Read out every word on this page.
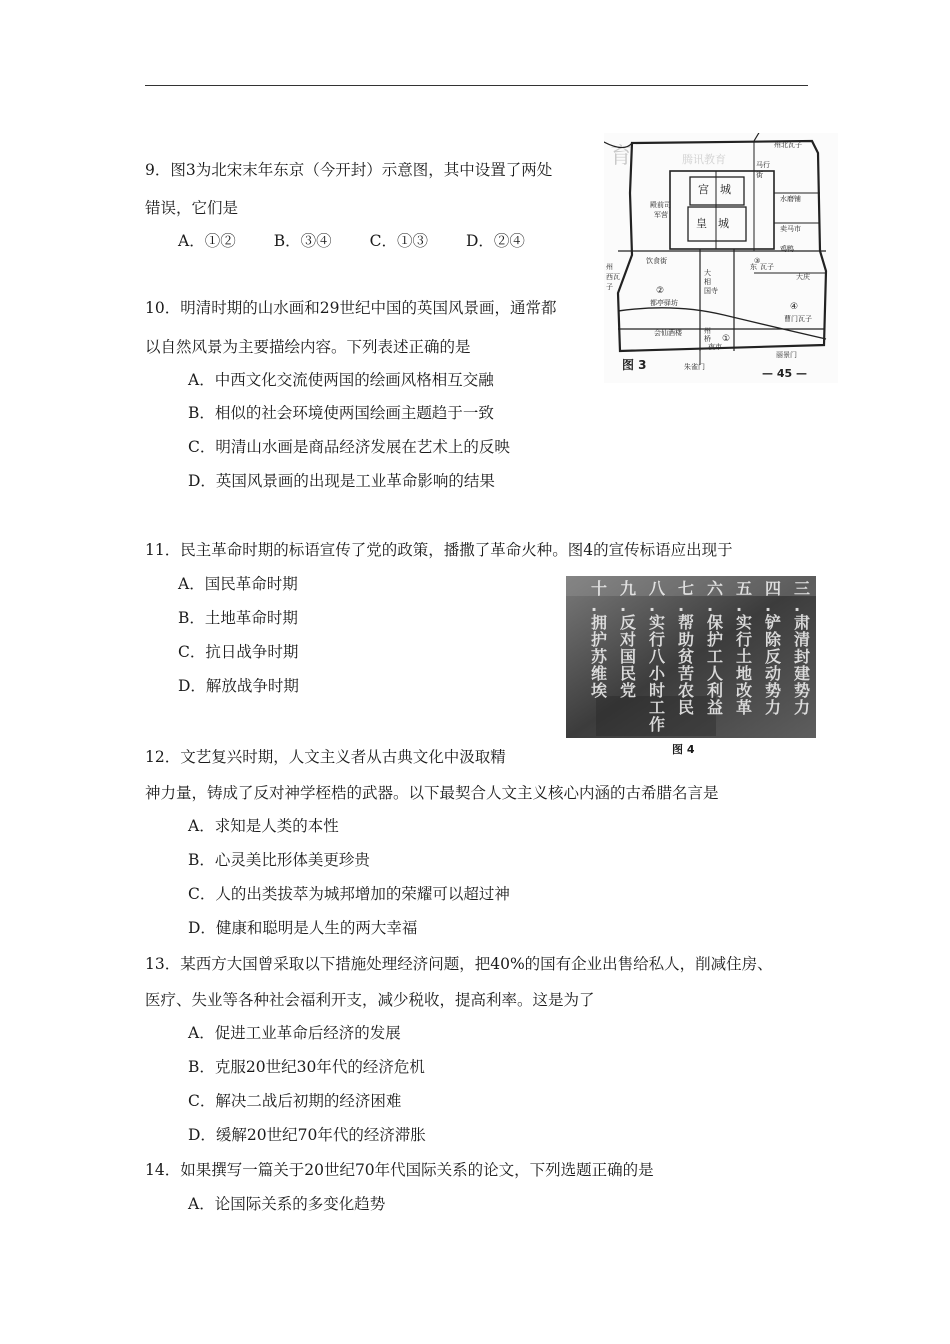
9．图3为北宋末年东京（今开封）示意图，其中设置了两处
错误，它们是
A．①② B．③④ C．①③ D．②④
育	腾讯教育
宫　城
皇　城
殿前司
军营
州北瓦子
马行
街
水磨铺
卖马市
饮食街	③
东 瓦子
大庆
鸡鸭
大
相
国寺
州
西瓦
子	②
都亭驿坊	④
曹门瓦子
会仙酒楼	州
桥
夜市
①
丽景门
朱雀门
图 3
— 45 —
10．明清时期的山水画和29世纪中国的英国风景画，通常都
以自然风景为主要描绘内容。下列表述正确的是
A．中西文化交流使两国的绘画风格相互交融
B．相似的社会环境使两国绘画主题趋于一致
C．明清山水画是商品经济发展在艺术上的反映
D．英国风景画的出现是工业革命影响的结果
11．民主革命时期的标语宣传了党的政策，播撒了革命火种。图4的宣传标语应出现于
A．国民革命时期
B．土地革命时期
C．抗日战争时期
D．解放战争时期
三.肃清封建势力
四.铲除反动势力
五.实行土地改革
六.保护工人利益
七.帮助贫苦农民
八.实行八小时工作
九.反对国民党
十.拥护苏维埃
图 4
12．文艺复兴时期，人文主义者从古典文化中汲取精
神力量，铸成了反对神学桎梏的武器。以下最契合人文主义核心内涵的古希腊名言是
A．求知是人类的本性
B．心灵美比形体美更珍贵
C．人的出类拔萃为城邦增加的荣耀可以超过神
D．健康和聪明是人生的两大幸福
13．某西方大国曾采取以下措施处理经济问题，把40%的国有企业出售给私人，削减住房、
医疗、失业等各种社会福利开支，减少税收，提高利率。这是为了
A．促进工业革命后经济的发展
B．克服20世纪30年代的经济危机
C．解决二战后初期的经济困难
D．缓解20世纪70年代的经济滞胀
14．如果撰写一篇关于20世纪70年代国际关系的论文，下列选题正确的是
A．论国际关系的多变化趋势
